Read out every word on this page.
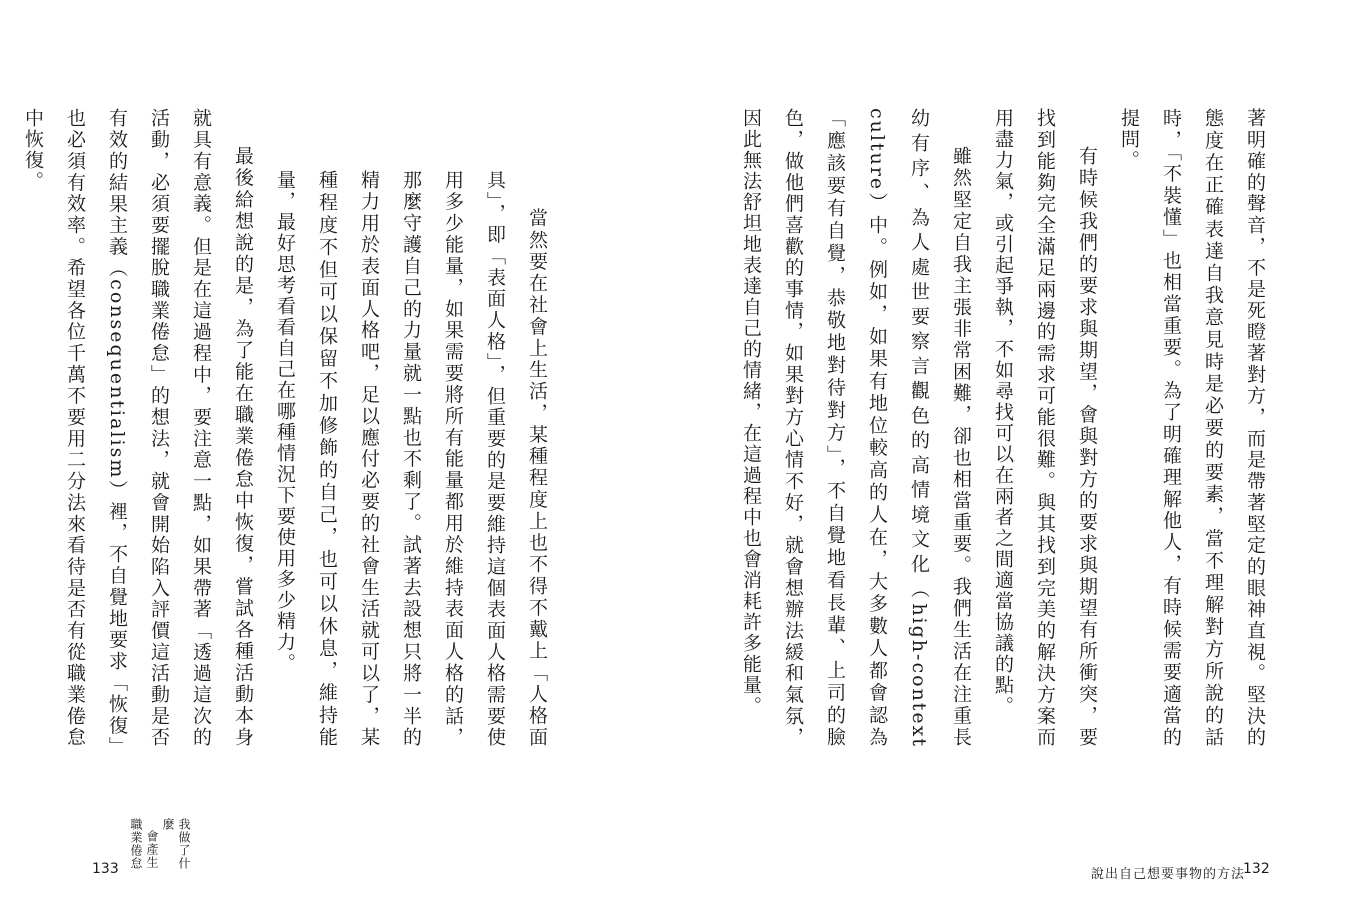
著明確的聲音，不是死瞪著對方，而是帶著堅定的眼神直視。堅決的態度在正確表達自我意見時是必要的要素，當不理解對方所說的話時，「不裝懂」也相當重要。為了明確理解他人，有時候需要適當的提問。

有時候我們的要求與期望，會與對方的要求與期望有所衝突，要找到能夠完全滿足兩邊的需求可能很難。與其找到完美的解決方案而用盡力氣，或引起爭執，不如尋找可以在兩者之間適當協議的點。

雖然堅定自我主張非常困難，卻也相當重要。我們生活在注重長幼有序、為人處世要察言觀色的高情境文化（high-context culture）中。例如，如果有地位較高的人在，大多數人都會認為「應該要有自覺，恭敬地對待對方」，不自覺地看長輩、上司的臉色，做他們喜歡的事情，如果對方心情不好，就會想辦法緩和氣氛，因此無法舒坦地表達自己的情緒，在這過程中也會消耗許多能量。

說出自己想要事物的方法
132

當然要在社會上生活，某種程度上也不得不戴上「人格面具」，即「表面人格」，但重要的是要維持這個表面人格需要使用多少能量，如果需要將所有能量都用於維持表面人格的話，那麼守護自己的力量就一點也不剩了。試著去設想只將一半的精力用於表面人格吧，足以應付必要的社會生活就可以了，某種程度不但可以保留不加修飾的自己，也可以休息，維持能量，最好思考看看自己在哪種情況下要使用多少精力。

最後給想說的是，為了能在職業倦怠中恢復，嘗試各種活動本身就具有意義。但是在這過程中，要注意一點，如果帶著「透過這次的活動，必須要擺脫職業倦怠」的想法，就會開始陷入評價這活動是否有效的結果主義（consequentialism）裡，不自覺地要求「恢復」也必須有效率。希望各位千萬不要用二分法來看待是否有從職業倦怠中恢復。

我做了什麼
會產生
職業倦怠
133
